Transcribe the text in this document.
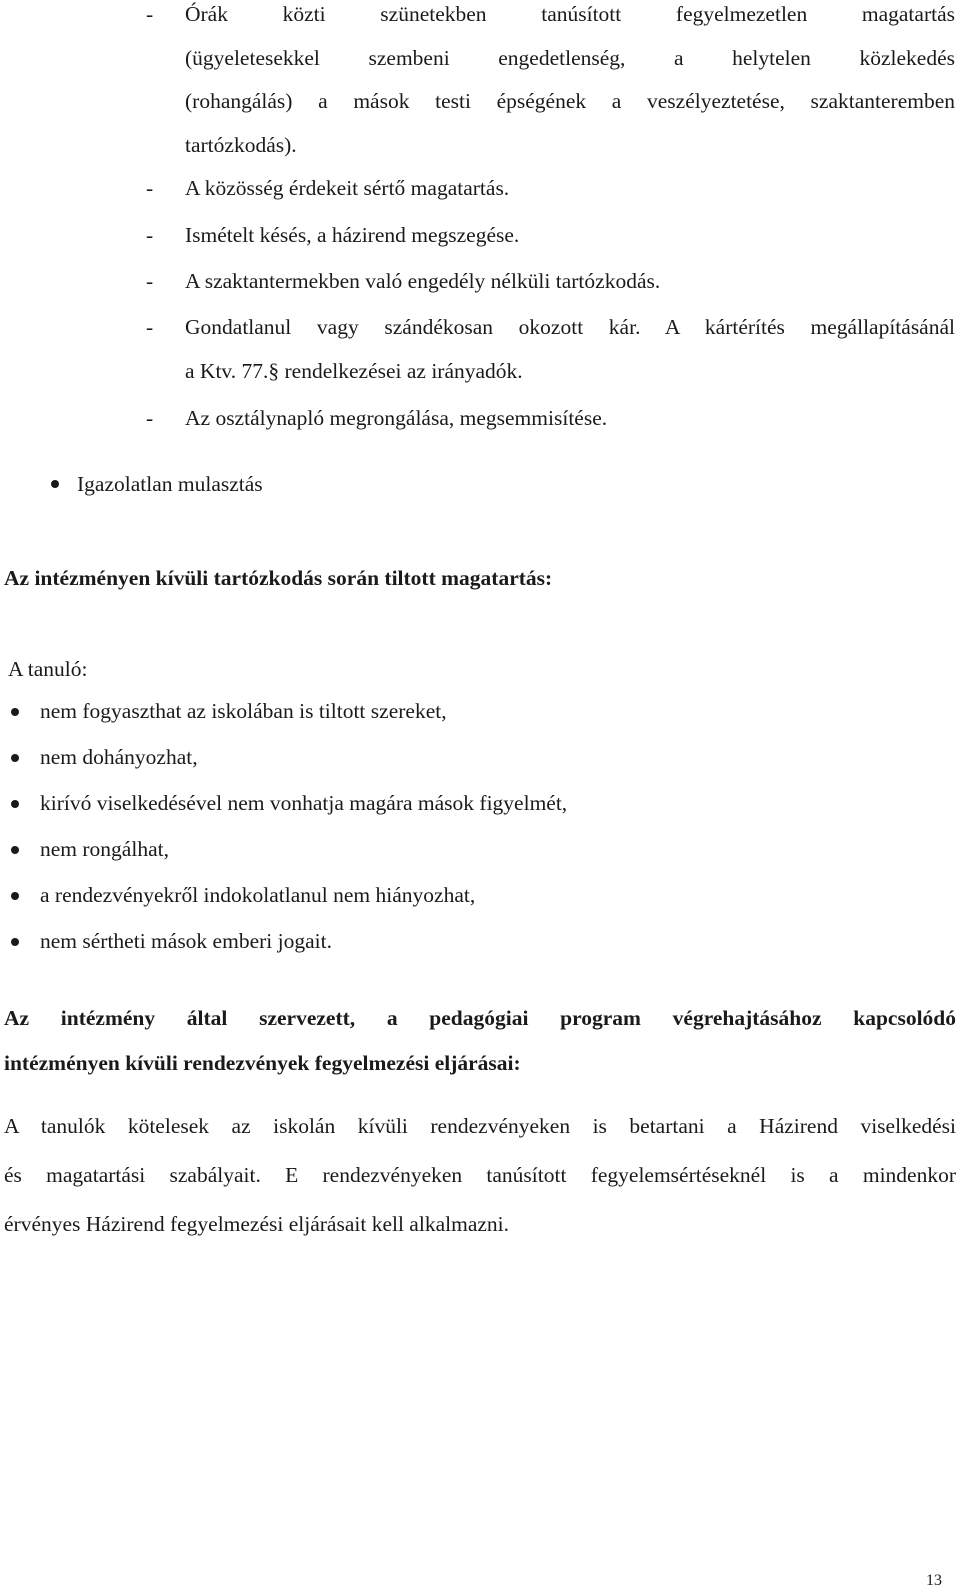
- Órák közti szünetekben tanúsított fegyelmezetlen magatartás
(ügyeletesekkel szembeni engedetlenség, a helytelen közlekedés
(rohangálás) a mások testi épségének a veszélyeztetése, szaktanteremben
tartózkodás).
- A közösség érdekeit sértő magatartás.
- Ismételt késés, a házirend megszegése.
- A szaktantermekben való engedély nélküli tartózkodás.
- Gondatlanul vagy szándékosan okozott kár. A kártérítés megállapításánál
a Ktv. 77.§ rendelkezései az irányadók.
- Az osztálynapló megrongálása, megsemmisítése.
Igazolatlan mulasztás
Az intézményen kívüli tartózkodás során tiltott magatartás:
A tanuló:
nem fogyaszthat az iskolában is tiltott szereket,
nem dohányozhat,
kirívó viselkedésével nem vonhatja magára mások figyelmét,
nem rongálhat,
a rendezvényekről indokolatlanul nem hiányozhat,
nem sértheti mások emberi jogait.
Az intézmény által szervezett, a pedagógiai program végrehajtásához kapcsolódó
intézményen kívüli rendezvények fegyelmezési eljárásai:
A tanulók kötelesek az iskolán kívüli rendezvényeken is betartani a Házirend viselkedési
és magatartási szabályait. E rendezvényeken tanúsított fegyelemsértéseknél is a mindenkor
érvényes Házirend fegyelmezési eljárásait kell alkalmazni.
13
